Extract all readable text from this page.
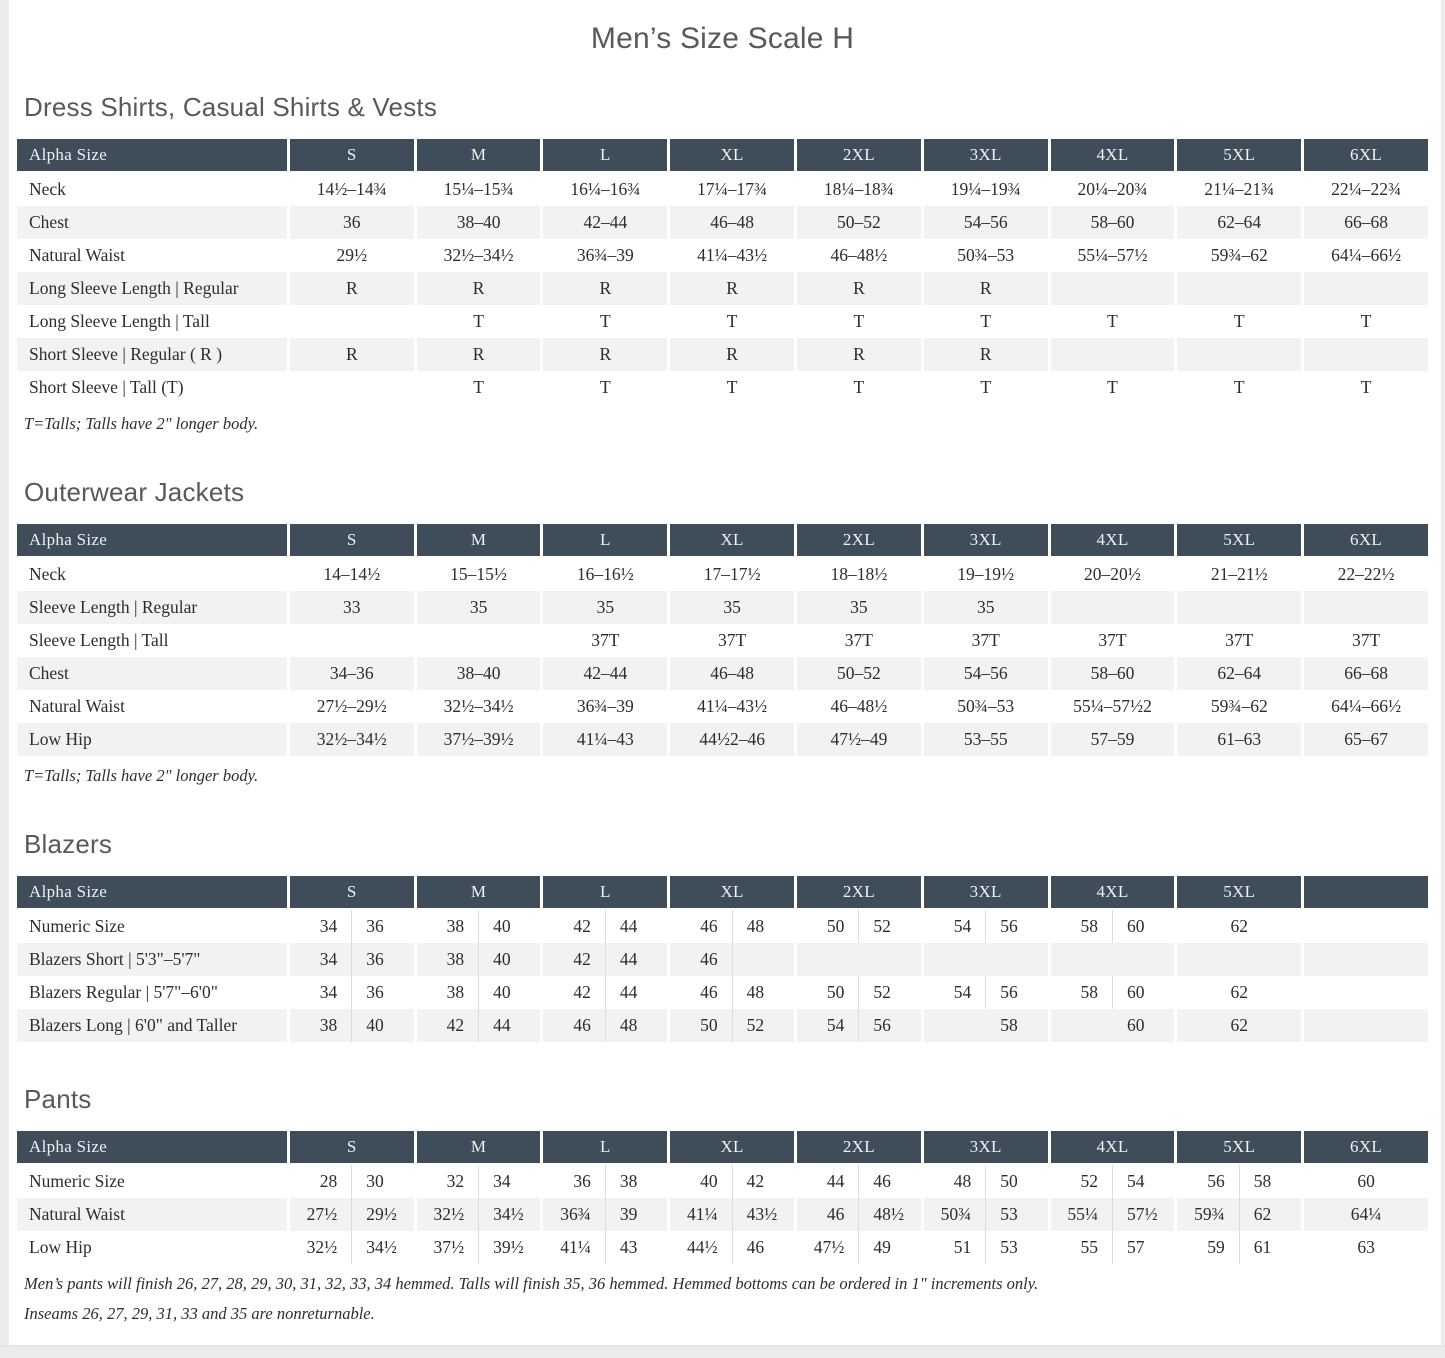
Men’s Size Scale H
Dress Shirts, Casual Shirts & Vests
Alpha Size	S	M	L	XL	2XL	3XL	4XL	5XL	6XL
Neck	14½–14¾	15¼–15¾	16¼–16¾	17¼–17¾	18¼–18¾	19¼–19¾	20¼–20¾	21¼–21¾	22¼–22¾
Chest	36	38–40	42–44	46–48	50–52	54–56	58–60	62–64	66–68
Natural Waist	29½	32½–34½	36¾–39	41¼–43½	46–48½	50¾–53	55¼–57½	59¾–62	64¼–66½
Long Sleeve Length | Regular	R	R	R	R	R	R			
Long Sleeve Length | Tall		T	T	T	T	T	T	T	T
Short Sleeve | Regular ( R )	R	R	R	R	R	R			
Short Sleeve | Tall (T)		T	T	T	T	T	T	T	T

T=Talls; Talls have 2" longer body.

Outerwear Jackets
Alpha Size	S	M	L	XL	2XL	3XL	4XL	5XL	6XL
Neck	14–14½	15–15½	16–16½	17–17½	18–18½	19–19½	20–20½	21–21½	22–22½
Sleeve Length | Regular	33	35	35	35	35	35			
Sleeve Length | Tall			37T	37T	37T	37T	37T	37T	37T
Chest	34–36	38–40	42–44	46–48	50–52	54–56	58–60	62–64	66–68
Natural Waist	27½–29½	32½–34½	36¾–39	41¼–43½	46–48½	50¾–53	55¼–57½2	59¾–62	64¼–66½
Low Hip	32½–34½	37½–39½	41¼–43	44½2–46	47½–49	53–55	57–59	61–63	65–67

T=Talls; Talls have 2" longer body.

Blazers
Alpha Size	S	M	L	XL	2XL	3XL	4XL	5XL	
Numeric Size	34 36	38 40	42 44	46 48	50 52	54 56	58 60	62	
Blazers Short | 5'3"–5'7"	34 36	38 40	42 44	46					

Blazers Regular | 5'7"–6'0"	34 36	38 40	42 44	46 48	50 52	54 56	58 60	62	
Blazers Long | 6'0" and Taller	38 40	42 44	46 48	50 52	54 56	58	60	62	
Pants
Alpha Size	S	M	L	XL	2XL	3XL	4XL	5XL	6XL
Numeric Size	28 30	32 34	36 38	40 42	44 46	48 50	52 54	56 58	60
Natural Waist	27½ 29½	32½ 34½	36¾ 39	41¼ 43½	46 48½	50¾ 53	55¼ 57½	59¾ 62	64¼
Low Hip	32½ 34½	37½ 39½	41¼ 43	44½ 46	47½ 49	51 53	55 57	59 61	63

Men’s pants will finish 26, 27, 28, 29, 30, 31, 32, 33, 34 hemmed. Talls will finish 35, 36 hemmed. Hemmed bottoms can be ordered in 1" increments only.

Inseams 26, 27, 29, 31, 33 and 35 are nonreturnable.
